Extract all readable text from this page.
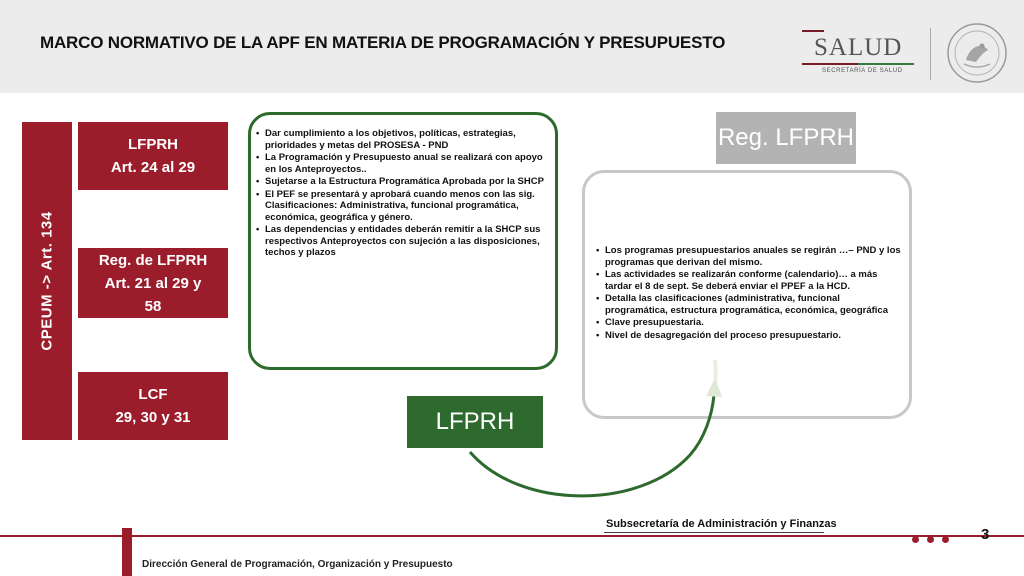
MARCO NORMATIVO DE LA APF EN MATERIA DE PROGRAMACIÓN Y PRESUPUESTO	SALUD
SECRETARÍA DE SALUD
CPEUM -> Art. 134
LFPRH
Art. 24 al 29
Reg. de LFPRH
Art. 21 al 29 y
58
LCF
29, 30 y 31
• Dar cumplimiento a los objetivos, políticas, estrategias, prioridades y metas del PROSESA - PND
• La Programación y Presupuesto anual se realizará con apoyo en los Anteproyectos..
• Sujetarse a la Estructura Programática Aprobada por la SHCP
• El PEF se presentará y aprobará cuando menos con las sig. Clasificaciones: Administrativa, funcional programática, económica, geográfica y género.
• Las dependencias y entidades deberán remitir a la SHCP sus respectivos Anteproyectos con sujeción a las disposiciones, techos y plazos
•	Los programas presupuestarios anuales se regirán …– PND y los programas que derivan del mismo.
• Las actividades se realizarán conforme (calendario)… a más tardar el 8 de sept. Se deberá enviar el PPEF a la HCD.
• Detalla las clasificaciones (administrativa, funcional programática, estructura programática, económica, geográfica
• Clave presupuestaria.
• Nivel de desagregación del proceso presupuestario.
Reg. LFPRH
LFPRH
Subsecretaría de Administración y Finanzas
Dirección General de Programación, Organización y Presupuesto
3
